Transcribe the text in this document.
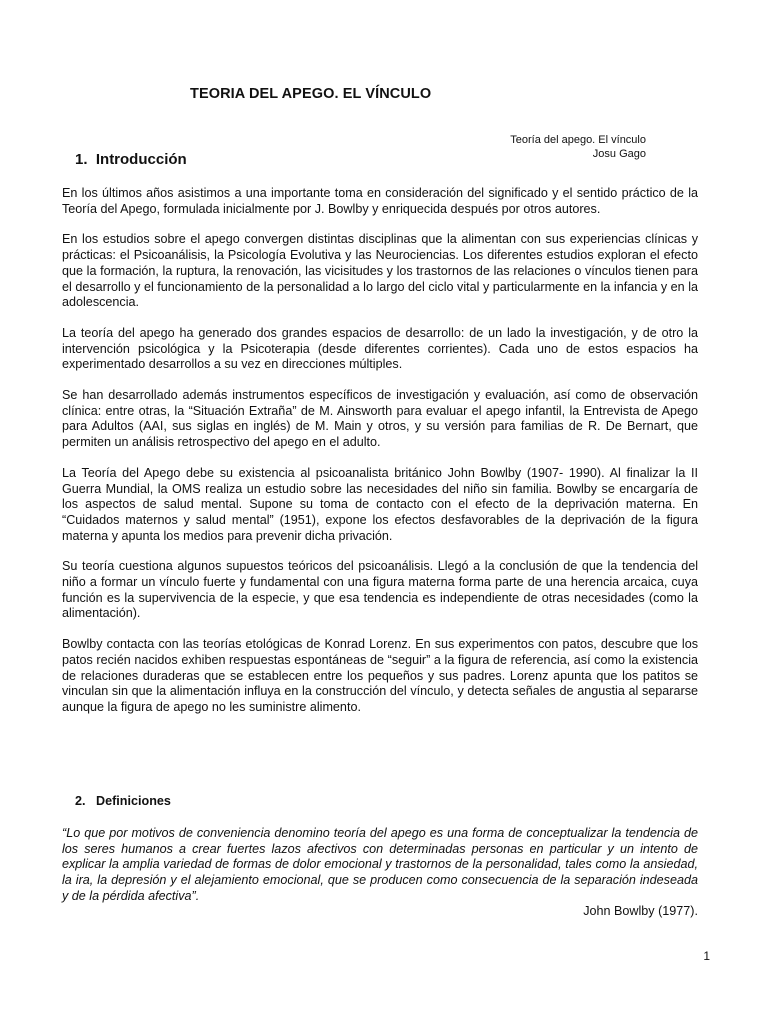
TEORIA DEL APEGO. EL VÍNCULO
Teoría del apego. El vínculo
Josu Gago
1. Introducción

En los últimos años asistimos a una importante toma en consideración del significado y el sentido práctico de la Teoría del Apego, formulada inicialmente por J. Bowlby y enriquecida después por otros autores.

En los estudios sobre el apego convergen distintas disciplinas que la alimentan con sus experiencias clínicas y prácticas: el Psicoanálisis, la Psicología Evolutiva y las Neurociencias. Los diferentes estudios exploran el efecto que la formación, la ruptura, la renovación, las vicisitudes y los trastornos de las relaciones o vínculos tienen para el desarrollo y el funcionamiento de la personalidad a lo largo del ciclo vital y particularmente en la infancia y en la adolescencia.

La teoría del apego ha generado dos grandes espacios de desarrollo: de un lado la investigación, y de otro la intervención psicológica y la Psicoterapia (desde diferentes corrientes). Cada uno de estos espacios ha experimentado desarrollos a su vez en direcciones múltiples.

Se han desarrollado además instrumentos específicos de investigación y evaluación, así como de observación clínica: entre otras, la “Situación Extraña” de M. Ainsworth para evaluar el apego infantil, la Entrevista de Apego para Adultos (AAI, sus siglas en inglés) de M. Main y otros, y su versión para familias de R. De Bernart, que permiten un análisis retrospectivo del apego en el adulto.

La Teoría del Apego debe su existencia al psicoanalista británico John Bowlby (1907- 1990). Al finalizar la II Guerra Mundial, la OMS realiza un estudio sobre las necesidades del niño sin familia. Bowlby se encargaría de los aspectos de salud mental. Supone su toma de contacto con el efecto de la deprivación materna. En “Cuidados maternos y salud mental” (1951), expone los efectos desfavorables de la deprivación de la figura materna y apunta los medios para prevenir dicha privación.

Su teoría cuestiona algunos supuestos teóricos del psicoanálisis. Llegó a la conclusión de que la tendencia del niño a formar un vínculo fuerte y fundamental con una figura materna forma parte de una herencia arcaica, cuya función es la supervivencia de la especie, y que esa tendencia es independiente de otras necesidades (como la alimentación).

Bowlby contacta con las teorías etológicas de Konrad Lorenz. En sus experimentos con patos, descubre que los patos recién nacidos exhiben respuestas espontáneas de “seguir” a la figura de referencia, así como la existencia de relaciones duraderas que se establecen entre los pequeños y sus padres. Lorenz apunta que los patitos se vinculan sin que la alimentación influya en la construcción del vínculo, y detecta señales de angustia al separarse aunque la figura de apego no les suministre alimento.

2. Definiciones

“Lo que por motivos de conveniencia denomino teoría del apego es una forma de conceptualizar la tendencia de los seres humanos a crear fuertes lazos afectivos con determinadas personas en particular y un intento de explicar la amplia variedad de formas de dolor emocional y trastornos de la personalidad, tales como la ansiedad, la ira, la depresión y el alejamiento emocional, que se producen como consecuencia de la separación indeseada y de la pérdida afectiva”.

John Bowlby (1977).
1
